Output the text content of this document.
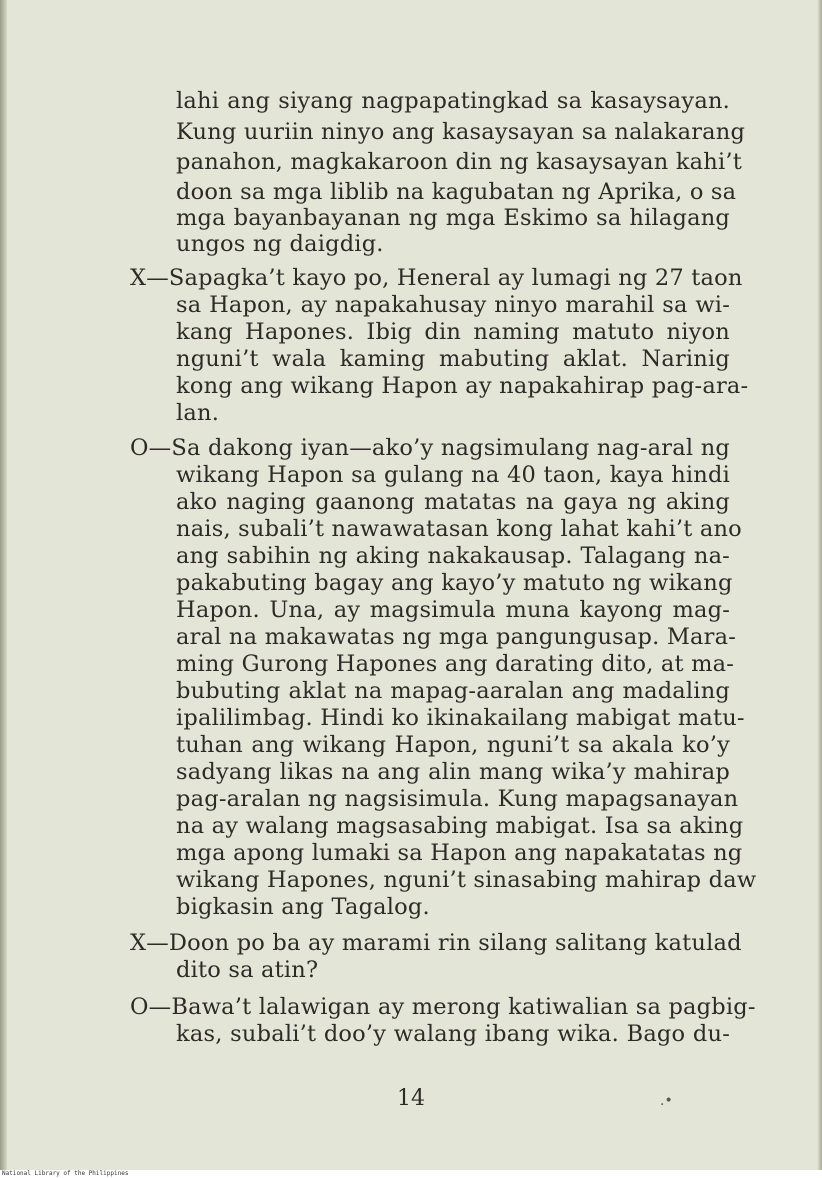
lahi ang siyang nagpapatingkad sa kasaysayan.
Kung uuriin ninyo ang kasaysayan sa nalakarang
panahon, magkakaroon din ng kasaysayan kahi’t
doon sa mga liblib na kagubatan ng Aprika, o sa
mga bayanbayanan ng mga Eskimo sa hilagang
ungos ng daigdig.
X—Sapagka’t kayo po, Heneral ay lumagi ng 27 taon
sa Hapon, ay napakahusay ninyo marahil sa wi-
kang Hapones. Ibig din naming matuto niyon
nguni’t wala kaming mabuting aklat. Narinig
kong ang wikang Hapon ay napakahirap pag-ara-
lan.
O—Sa dakong iyan—ako’y nagsimulang nag-aral ng
wikang Hapon sa gulang na 40 taon, kaya hindi
ako naging gaanong matatas na gaya ng aking
nais, subali’t nawawatasan kong lahat kahi’t ano
ang sabihin ng aking nakakausap. Talagang na-
pakabuting bagay ang kayo’y matuto ng wikang
Hapon. Una, ay magsimula muna kayong mag-
aral na makawatas ng mga pangungusap. Mara-
ming Gurong Hapones ang darating dito, at ma-
bubuting aklat na mapag-aaralan ang madaling
ipalilimbag. Hindi ko ikinakailang mabigat matu-
tuhan ang wikang Hapon, nguni’t sa akala ko’y
sadyang likas na ang alin mang wika’y mahirap
pag-aralan ng nagsisimula. Kung mapagsanayan
na ay walang magsasabing mabigat. Isa sa aking
mga apong lumaki sa Hapon ang napakatatas ng
wikang Hapones, nguni’t sinasabing mahirap daw
bigkasin ang Tagalog.
X—Doon po ba ay marami rin silang salitang katulad
dito sa atin?
O—Bawa’t lalawigan ay merong katiwalian sa pagbig-
kas, subali’t doo’y walang ibang wika. Bago du-
14	.•
National Library of the Philippines
